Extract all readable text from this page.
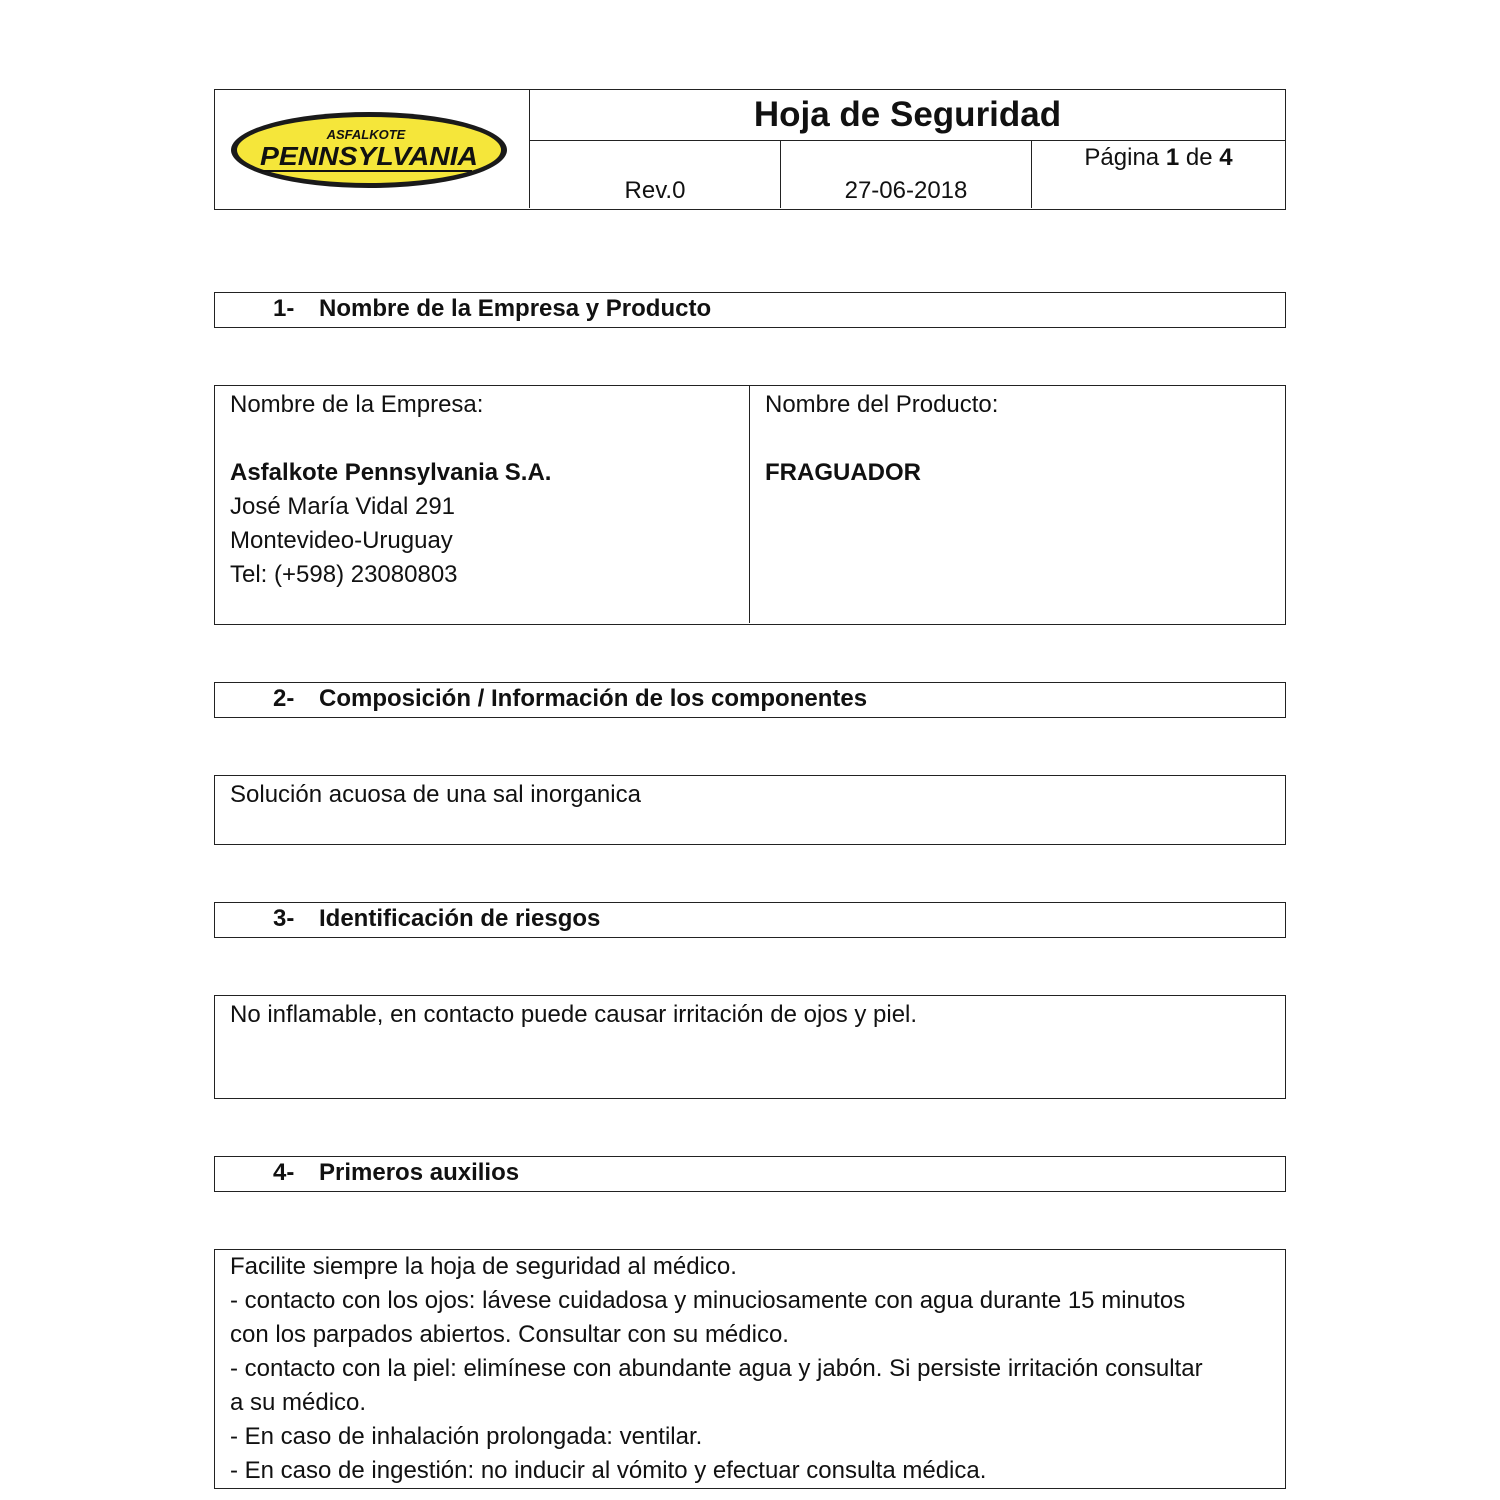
ASFALKOTE
PENNSYLVANIA
Hoja de Seguridad
Rev.0	27-06-2018
Página 1 de 4
1- Nombre de la Empresa y Producto
Nombre de la Empresa:
Asfalkote Pennsylvania S.A.
José María Vidal 291
Montevideo-Uruguay
Tel: (+598) 23080803
Nombre del Producto:
FRAGUADOR
2- Composición / Información de los componentes
Solución acuosa de una sal inorganica
3- Identificación de riesgos
No inflamable, en contacto puede causar irritación de ojos y piel.
4- Primeros auxilios
Facilite siempre la hoja de seguridad al médico.
- contacto con los ojos: lávese cuidadosa y minuciosamente con agua durante 15 minutos
con los parpados abiertos. Consultar con su médico.
- contacto con la piel: elimínese con abundante agua y jabón. Si persiste irritación consultar
a su médico.
- En caso de inhalación prolongada: ventilar.
- En caso de ingestión: no inducir al vómito y efectuar consulta médica.
